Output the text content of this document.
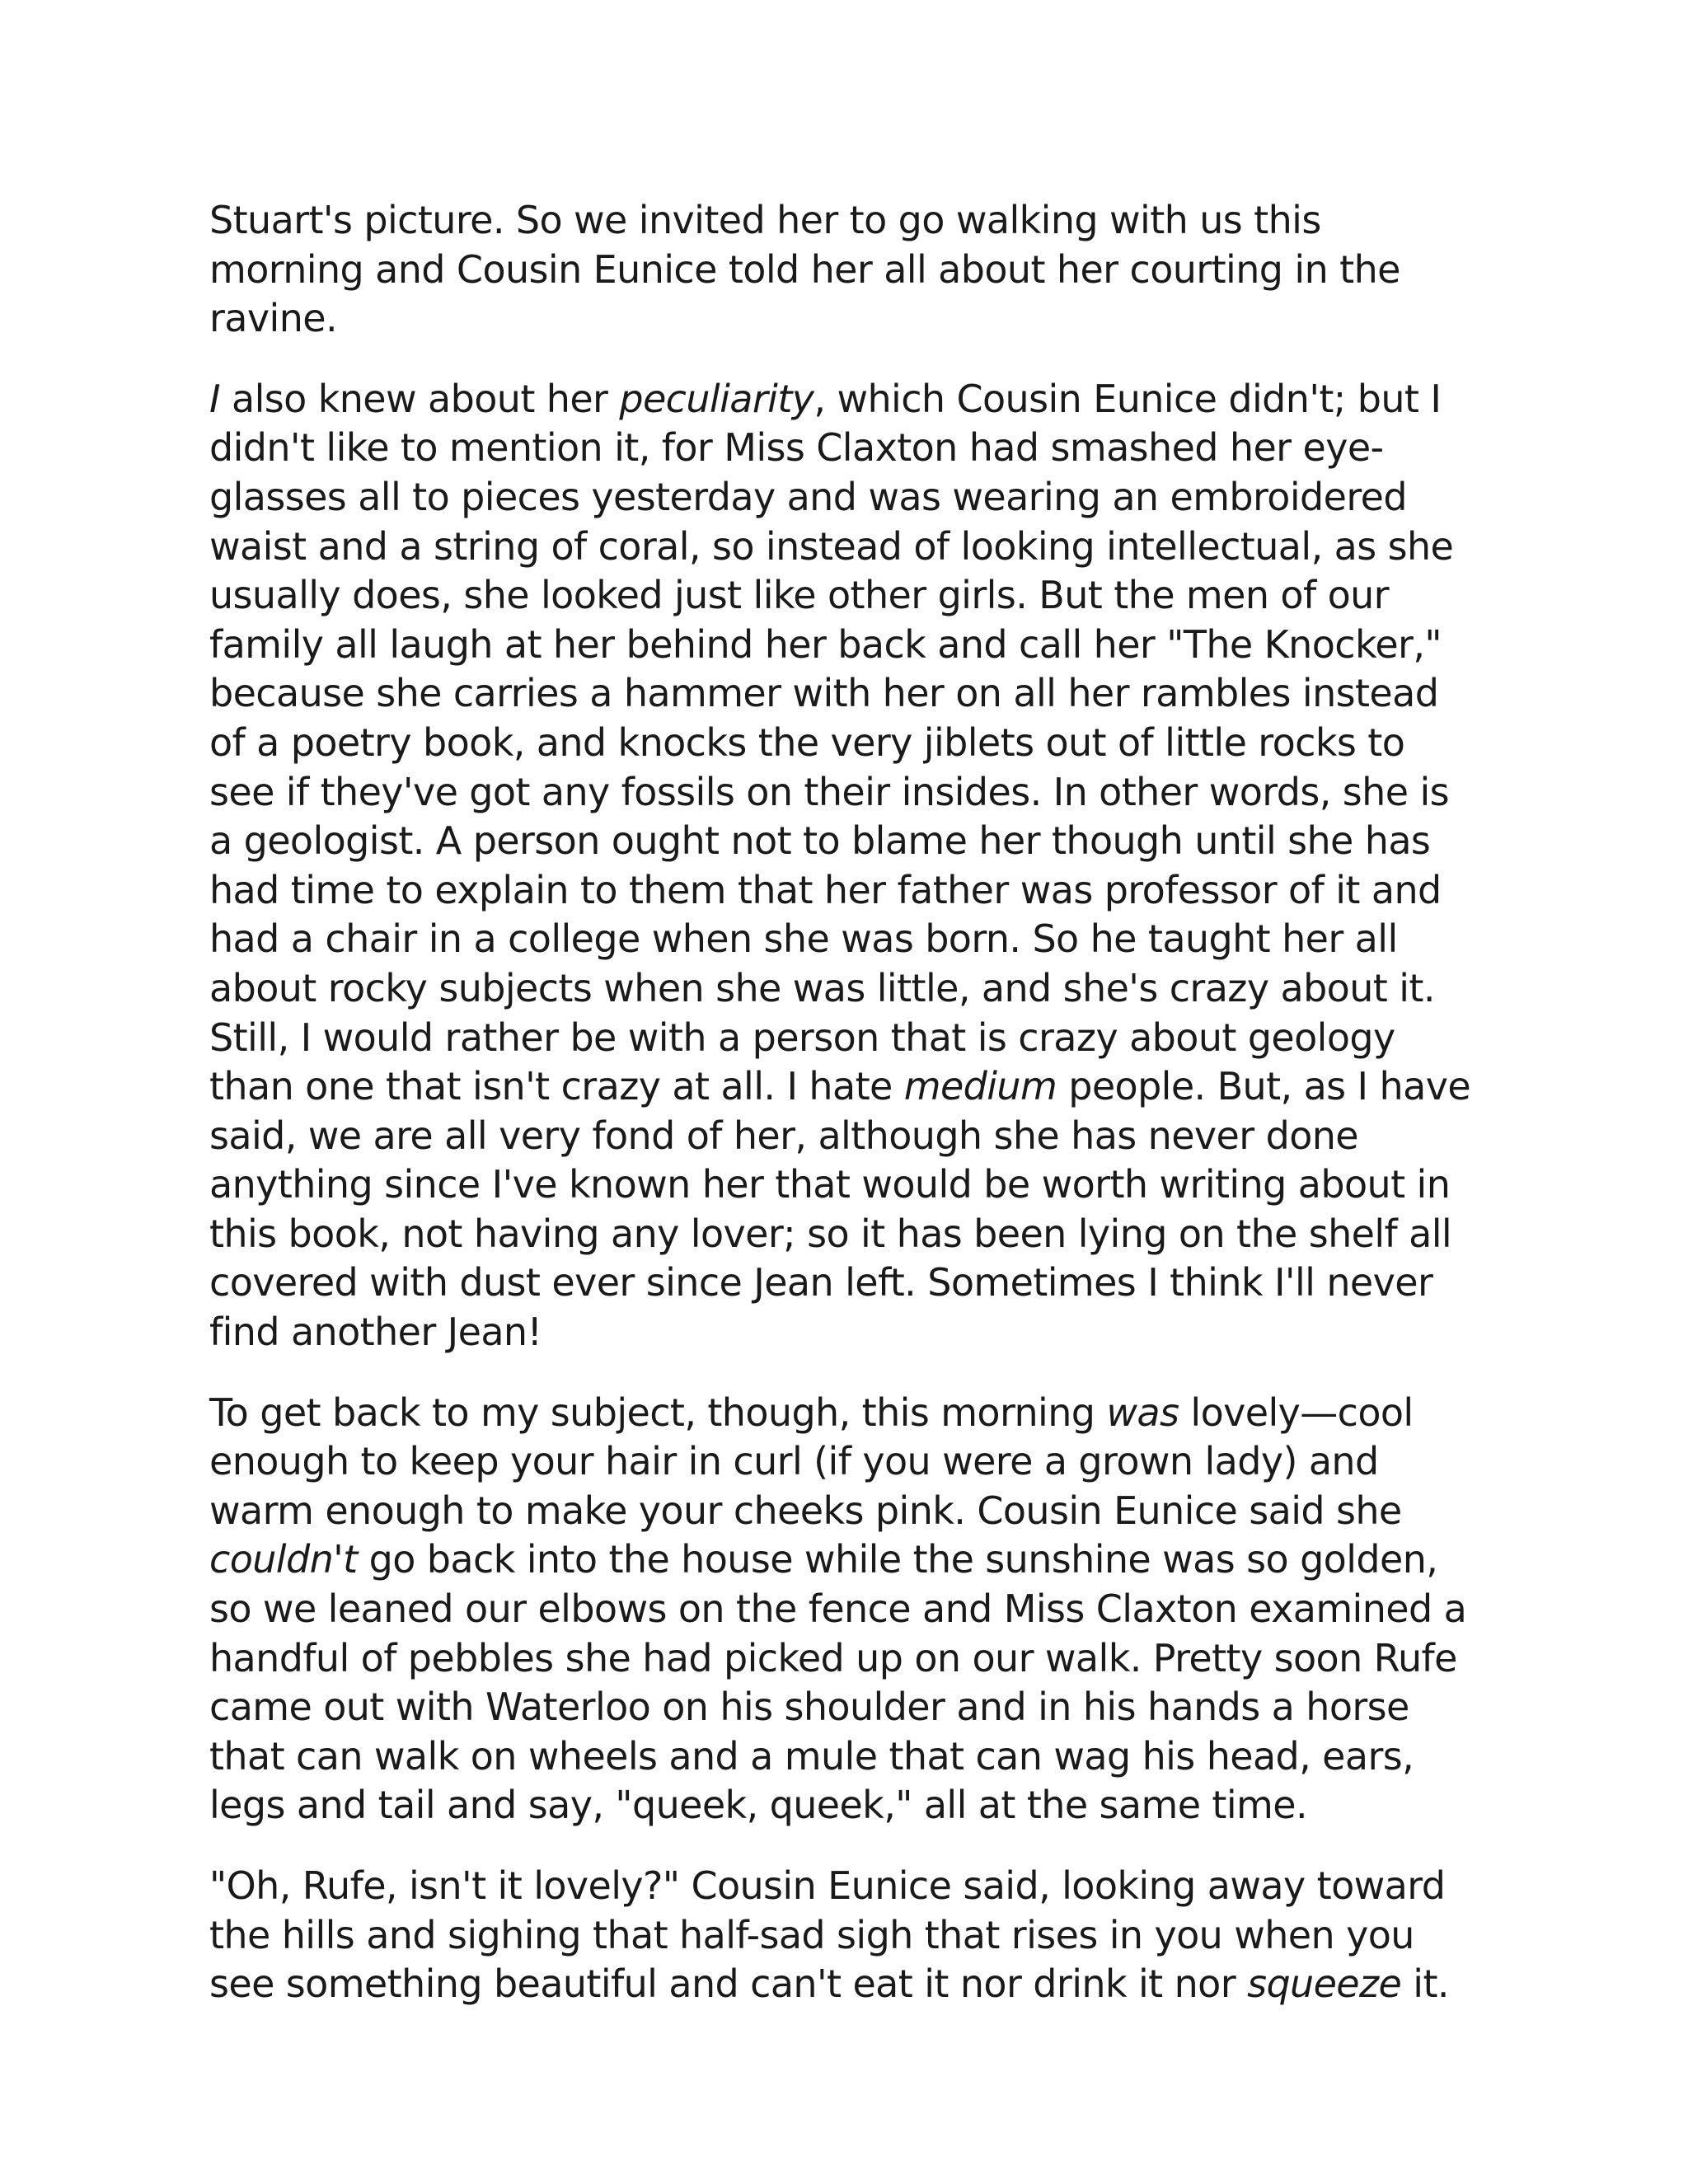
Stuart's picture. So we invited her to go walking with us this morning and Cousin Eunice told her all about her courting in the ravine.

I also knew about her peculiarity, which Cousin Eunice didn't; but I didn't like to mention it, for Miss Claxton had smashed her eye-glasses all to pieces yesterday and was wearing an embroidered waist and a string of coral, so instead of looking intellectual, as she usually does, she looked just like other girls. But the men of our family all laugh at her behind her back and call her "The Knocker," because she carries a hammer with her on all her rambles instead of a poetry book, and knocks the very jiblets out of little rocks to see if they've got any fossils on their insides. In other words, she is a geologist. A person ought not to blame her though until she has had time to explain to them that her father was professor of it and had a chair in a college when she was born. So he taught her all about rocky subjects when she was little, and she's crazy about it. Still, I would rather be with a person that is crazy about geology than one that isn't crazy at all. I hate medium people. But, as I have said, we are all very fond of her, although she has never done anything since I've known her that would be worth writing about in this book, not having any lover; so it has been lying on the shelf all covered with dust ever since Jean left. Sometimes I think I'll never find another Jean!

To get back to my subject, though, this morning was lovely—cool enough to keep your hair in curl (if you were a grown lady) and warm enough to make your cheeks pink. Cousin Eunice said she couldn't go back into the house while the sunshine was so golden, so we leaned our elbows on the fence and Miss Claxton examined a handful of pebbles she had picked up on our walk. Pretty soon Rufe came out with Waterloo on his shoulder and in his hands a horse that can walk on wheels and a mule that can wag his head, ears, legs and tail and say, "queek, queek," all at the same time.

"Oh, Rufe, isn't it lovely?" Cousin Eunice said, looking away toward the hills and sighing that half-sad sigh that rises in you when you see something beautiful and can't eat it nor drink it nor squeeze it.
